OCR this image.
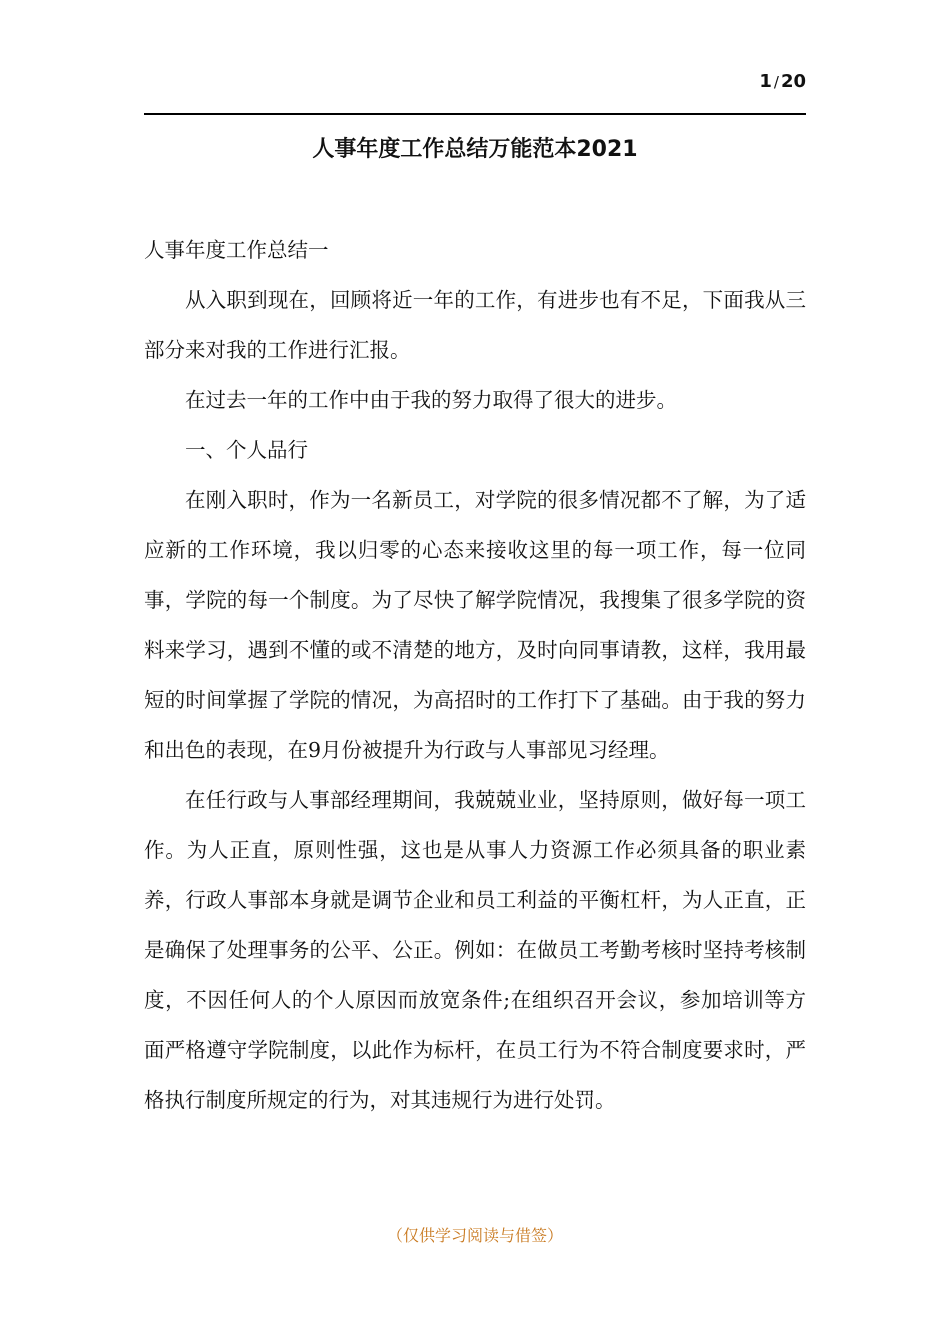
1 / 20
人事年度工作总结万能范本2021

人事年度工作总结一

从入职到现在，回顾将近一年的工作，有进步也有不足，下面我从三部分来对我的工作进行汇报。

在过去一年的工作中由于我的努力取得了很大的进步。

一、个人品行

在刚入职时，作为一名新员工，对学院的很多情况都不了解，为了适应新的工作环境，我以归零的心态来接收这里的每一项工作，每一位同事，学院的每一个制度。为了尽快了解学院情况，我搜集了很多学院的资料来学习，遇到不懂的或不清楚的地方，及时向同事请教，这样，我用最短的时间掌握了学院的情况，为高招时的工作打下了基础。由于我的努力和出色的表现，在9月份被提升为行政与人事部见习经理。

在任行政与人事部经理期间，我兢兢业业，坚持原则，做好每一项工作。为人正直，原则性强，这也是从事人力资源工作必须具备的职业素养，行政人事部本身就是调节企业和员工利益的平衡杠杆，为人正直，正是确保了处理事务的公平、公正。例如：在做员工考勤考核时坚持考核制度，不因任何人的个人原因而放宽条件;在组织召开会议，参加培训等方面严格遵守学院制度，以此作为标杆，在员工行为不符合制度要求时，严格执行制度所规定的行为，对其违规行为进行处罚。

（仅供学习阅读与借签）
